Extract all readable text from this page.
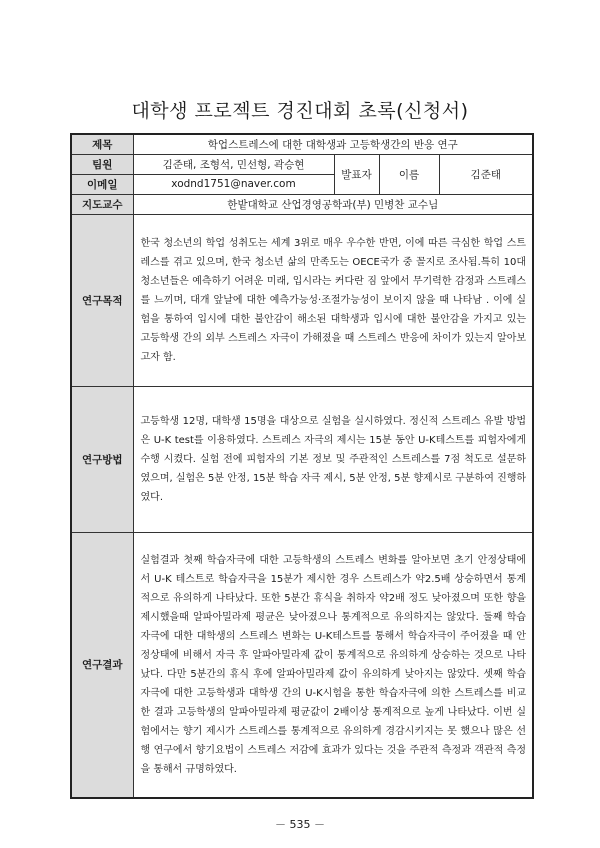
대학생 프로젝트 경진대회 초록(신청서)
제목	학업스트레스에 대한 대학생과 고등학생간의 반응 연구			
팀원	김준태, 조형석, 민선형, 곽승현	발표자	이름	김준태
이메일	xodnd1751@naver.com			
지도교수	한밭대학교 산업경영공학과(부) 민병찬 교수님			
연구목적	한국 청소년의 학업 성취도는 세계 3위로 매우 우수한 반면, 이에 따른 극심한 학업 스트레스를 겪고 있으며, 한국 청소년 삶의 만족도는 OECE국가 중 꼴지로 조사됨.특히 10대 청소년들은 예측하기 어려운 미래, 입시라는 커다란 짐 앞에서 무기력한 감정과 스트레스를 느끼며, 대개 앞날에 대한 예측가능성·조절가능성이 보이지 않을 때 나타남 . 이에 실험을 통하여 입시에 대한 불안감이 해소된 대학생과 입시에 대한 불안감을 가지고 있는 고등학생 간의 외부 스트레스 자극이 가해졌을 때 스트레스 반응에 차이가 있는지 알아보고자 함.			

연구방법	고등학생 12명, 대학생 15명을 대상으로 실험을 실시하였다. 정신적 스트레스 유발 방법은 U-K test를 이용하였다. 스트레스 자극의 제시는 15분 동안 U-K테스트를 피험자에게 수행 시켰다. 실험 전에 피험자의 기본 정보 및 주관적인 스트레스를 7점 척도로 설문하였으며, 실험은 5분 안정, 15분 학습 자극 제시, 5분 안정, 5분 향제시로 구분하여 진행하였다.			

연구결과	실험결과 첫째 학습자극에 대한 고등학생의 스트레스 변화를 알아보면 초기 안정상태에서 U-K 테스트로 학습자극을 15분가 제시한 경우 스트레스가 약2.5배 상승하면서 통계적으로 유의하게 나타났다. 또한 5분간 휴식을 취하자 약2배 정도 낮아졌으며 또한 향을 제시했을때 알파아밀라제 평균은 낮아졌으나 통계적으로 유의하지는 않았다. 둘째 학습자극에 대한 대학생의 스트레스 변화는 U-K테스트를 통해서 학습자극이 주어졌을 때 안정상태에 비해서 자극 후 알파아밀라제 값이 통계적으로 유의하게 상승하는 것으로 나타났다. 다만 5분간의 휴식 후에 알파아밀라제 값이 유의하게 낮아지는 않았다. 셋째 학습자극에 대한 고등학생과 대학생 간의 U-K시험을 통한 학습자극에 의한 스트레스를 비교한 결과 고등학생의 알파아밀라제 평균값이 2배이상 통계적으로 높게 나타났다. 이번 실험에서는 향기 제시가 스트레스를 통계적으로 유의하게 경감시키지는 못 했으나 많은 선행 연구에서 향기요법이 스트레스 저감에 효과가 있다는 것을 주관적 측정과 객관적 측정을 통해서 규명하였다.			

－ 535 －
